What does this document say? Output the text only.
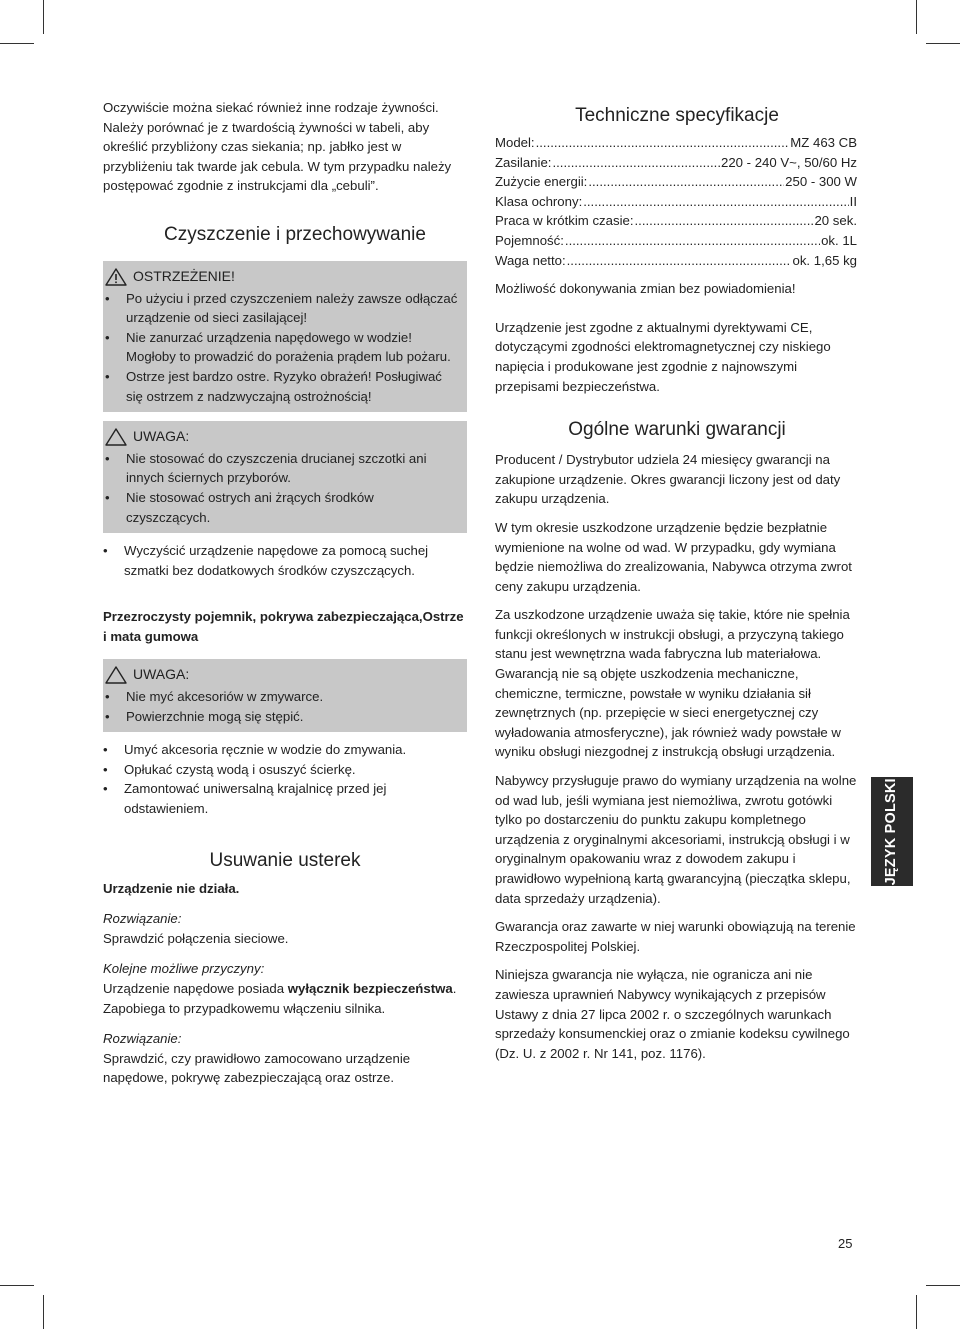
Oczywiście można siekać również inne rodzaje żywności. Należy porównać je z twardością żywności w tabeli, aby określić przybliżony czas siekania; np. jabłko jest w przybliżeniu tak twarde jak cebula. W tym przypadku należy postępować zgodnie z instrukcjami dla „cebuli”.

Czyszczenie i przechowywanie
OSTRZEŻENIE!
• Po użyciu i przed czyszczeniem należy zawsze odłączać urządzenie od sieci zasilającej!
• Nie zanurzać urządzenia napędowego w wodzie! Mogłoby to prowadzić do porażenia prądem lub pożaru.
• Ostrze jest bardzo ostre. Ryzyko obrażeń! Posługiwać się ostrzem z nadzwyczajną ostrożnością!
UWAGA:
• Nie stosować do czyszczenia drucianej szczotki ani innych ściernych przyborów.
• Nie stosować ostrych ani żrących środków czyszczących.
• Wyczyścić urządzenie napędowe za pomocą suchej szmatki bez dodatkowych środków czyszczących.

Przezroczysty pojemnik, pokrywa zabezpieczająca,Ostrze i mata gumowa

UWAGA:
• Nie myć akcesoriów w zmywarce.
• Powierzchnie mogą się stępić.
• Umyć akcesoria ręcznie w wodzie do zmywania.
• Opłukać czystą wodą i osuszyć ścierkę.
• Zamontować uniwersalną krajalnicę przed jej odstawieniem.
Usuwanie usterek

Urządzenie nie działa.

Rozwiązanie:

Sprawdzić połączenia sieciowe.

Kolejne możliwe przyczyny:

Urządzenie napędowe posiada wyłącznik bezpieczeństwa. Zapobiega to przypadkowemu włączeniu silnika.

Rozwiązanie:

Sprawdzić, czy prawidłowo zamocowano urządzenie napędowe, pokrywę zabezpieczającą oraz ostrze.

Techniczne specyfikacje
Model: .....	MZ 463 CB
Zasilanie: .....	220 - 240 V~, 50/60 Hz
Zużycie energii: .....	250 - 300 W
Klasa ochrony: .....	II
Praca w krótkim czasie: .....	20 sek.
Pojemność: .....	ok. 1L
Waga netto: .....	ok. 1,65 kg

Możliwość dokonywania zmian bez powiadomienia!

Urządzenie jest zgodne z aktualnymi dyrektywami CE, dotyczącymi zgodności elektromagnetycznej czy niskiego napięcia i produkowane jest zgodnie z najnowszymi przepisami bezpieczeństwa.

Ogólne warunki gwarancji

Producent / Dystrybutor udziela 24 miesięcy gwarancji na zakupione urządzenie. Okres gwarancji liczony jest od daty zakupu urządzenia.

W tym okresie uszkodzone urządzenie będzie bezpłatnie wymienione na wolne od wad. W przypadku, gdy wymiana będzie niemożliwa do zrealizowania, Nabywca otrzyma zwrot ceny zakupu urządzenia.

Za uszkodzone urządzenie uważa się takie, które nie spełnia funkcji określonych w instrukcji obsługi, a przyczyną takiego stanu jest wewnętrzna wada fabryczna lub materiałowa. Gwarancją nie są objęte uszkodzenia mechaniczne, chemiczne, termiczne, powstałe w wyniku działania sił zewnętrznych (np. przepięcie w sieci energetycznej czy wyładowania atmosferyczne), jak również wady powstałe w wyniku obsługi niezgodnej z instrukcją obsługi urządzenia.

Nabywcy przysługuje prawo do wymiany urządzenia na wolne od wad lub, jeśli wymiana jest niemożliwa, zwrotu gotówki tylko po dostarczeniu do punktu zakupu kompletnego urządzenia z oryginalnymi akcesoriami, instrukcją obsługi i w oryginalnym opakowaniu wraz z dowodem zakupu i prawidłowo wypełnioną kartą gwarancyjną (pieczątka sklepu, data sprzedaży urządzenia).

Gwarancja oraz zawarte w niej warunki obowiązują na terenie Rzeczpospolitej Polskiej.

Niniejsza gwarancja nie wyłącza, nie ogranicza ani nie zawiesza uprawnień Nabywcy wynikających z przepisów Ustawy z dnia 27 lipca 2002 r. o szczególnych warunkach sprzedaży konsumenckiej oraz o zmianie kodeksu cywilnego (Dz. U. z 2002 r. Nr 141, poz. 1176).

JĘZYK POLSKI
25
